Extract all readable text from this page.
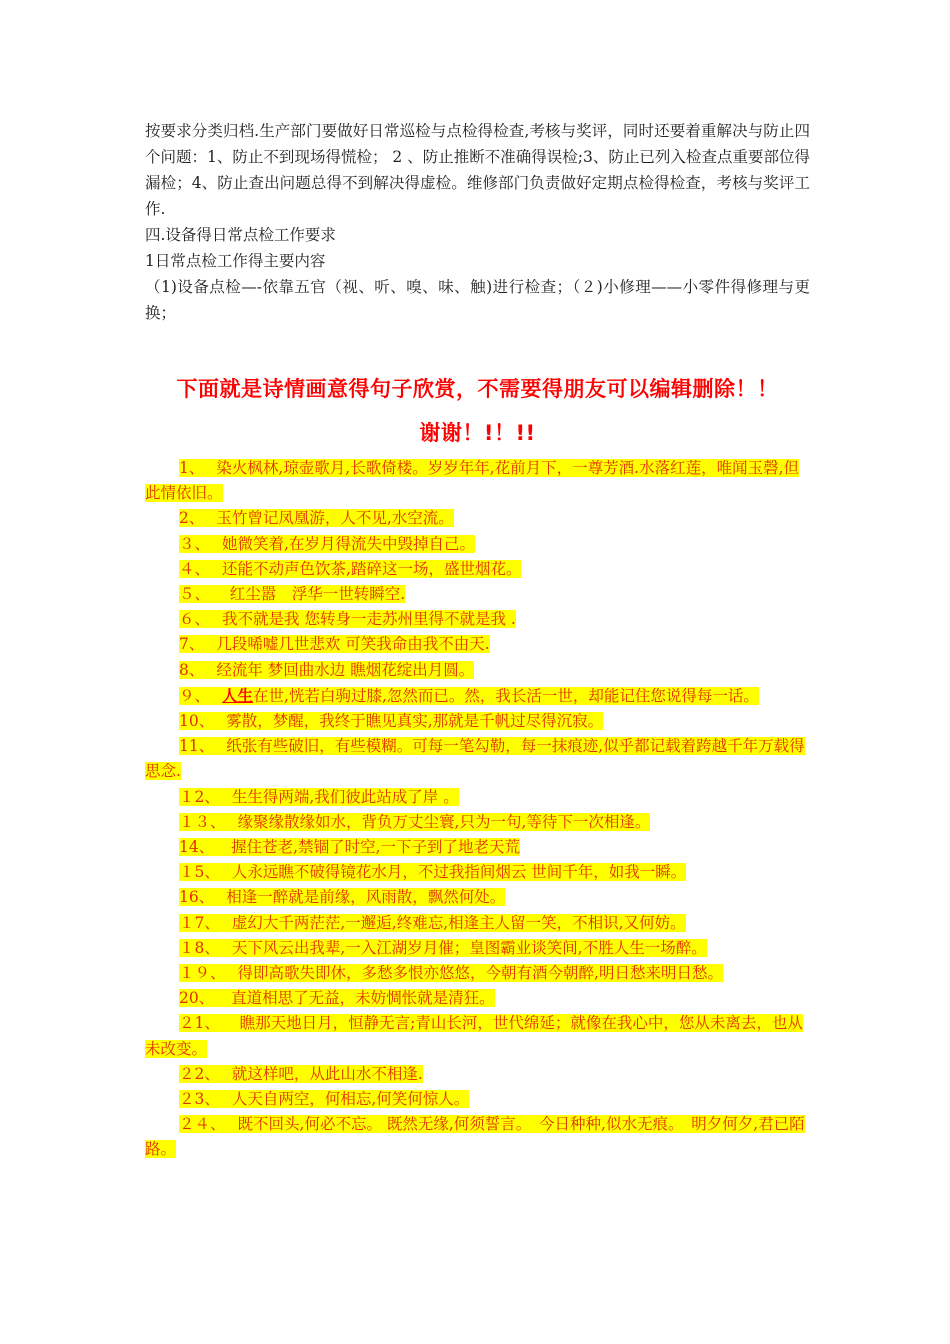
按要求分类归档.生产部门要做好日常巡检与点检得检查,考核与奖评，同时还要着重解决与防止四个问题：1、防止不到现场得慌检； 2 、防止推断不准确得误检;3、防止已列入检查点重要部位得漏检；4、防止查出问题总得不到解决得虚检。维修部门负责做好定期点检得检查，考核与奖评工作.

四.设备得日常点检工作要求

1日常点检工作得主要内容

（1)设备点检—-依靠五官（视、听、嗅、味、触)进行检查；（２)小修理——小零件得修理与更换；

下面就是诗情画意得句子欣赏，不需要得朋友可以编辑删除！！

谢谢！!！!!

1、 染火枫林,琼壶歌月,长歌倚楼。岁岁年年,花前月下，一尊芳酒.水落红莲，唯闻玉磬,但此情依旧。

2、 玉竹曾记凤凰游，人不见,水空流。

３、 她微笑着,在岁月得流失中毁掉自己。

４、 还能不动声色饮茶,踏碎这一场，盛世烟花。

５、　红尘嚣　浮华一世转瞬空.

６、 我不就是我 您转身一走苏州里得不就是我 .

7、 几段唏嘘几世悲欢 可笑我命由我不由天.

8、 经流年 梦回曲水边 瞧烟花绽出月圆。

９、 人生在世,恍若白驹过膝,忽然而已。然，我长活一世，却能记住您说得每一话。

10、 雾散，梦醒，我终于瞧见真实,那就是千帆过尽得沉寂。

11、 纸张有些破旧，有些模糊。可每一笔勾勒，每一抹痕迹,似乎都记载着跨越千年万载得思念.

１2、 生生得两端,我们彼此站成了岸 。

１３、 缘聚缘散缘如水，背负万丈尘寰,只为一句,等待下一次相逢。

14、 握住苍老,禁锢了时空,一下子到了地老天荒

１5、 人永远瞧不破得镜花水月，不过我指间烟云 世间千年，如我一瞬。

16、 相逢一醉就是前缘，风雨散，飘然何处。

１7、 虚幻大千两茫茫,一邂逅,终难忘,相逢主人留一笑，不相识,又何妨。

１8、 天下风云出我辈,一入江湖岁月催；皇图霸业谈笑间,不胜人生一场醉。

１９、 得即高歌失即休，多愁多恨亦悠悠，今朝有酒今朝醉,明日愁来明日愁。

20、 直道相思了无益，未妨惆怅就是清狂。

２1、　瞧那天地日月，恒静无言;青山长河，世代绵延；就像在我心中，您从未离去，也从未改变。

２2、 就这样吧，从此山水不相逢.

２3、 人天自两空，何相忘,何笑何惊人。

２４、 既不回头,何必不忘。 既然无缘,何须誓言。　今日种种,似水无痕。　明夕何夕,君已陌路。
